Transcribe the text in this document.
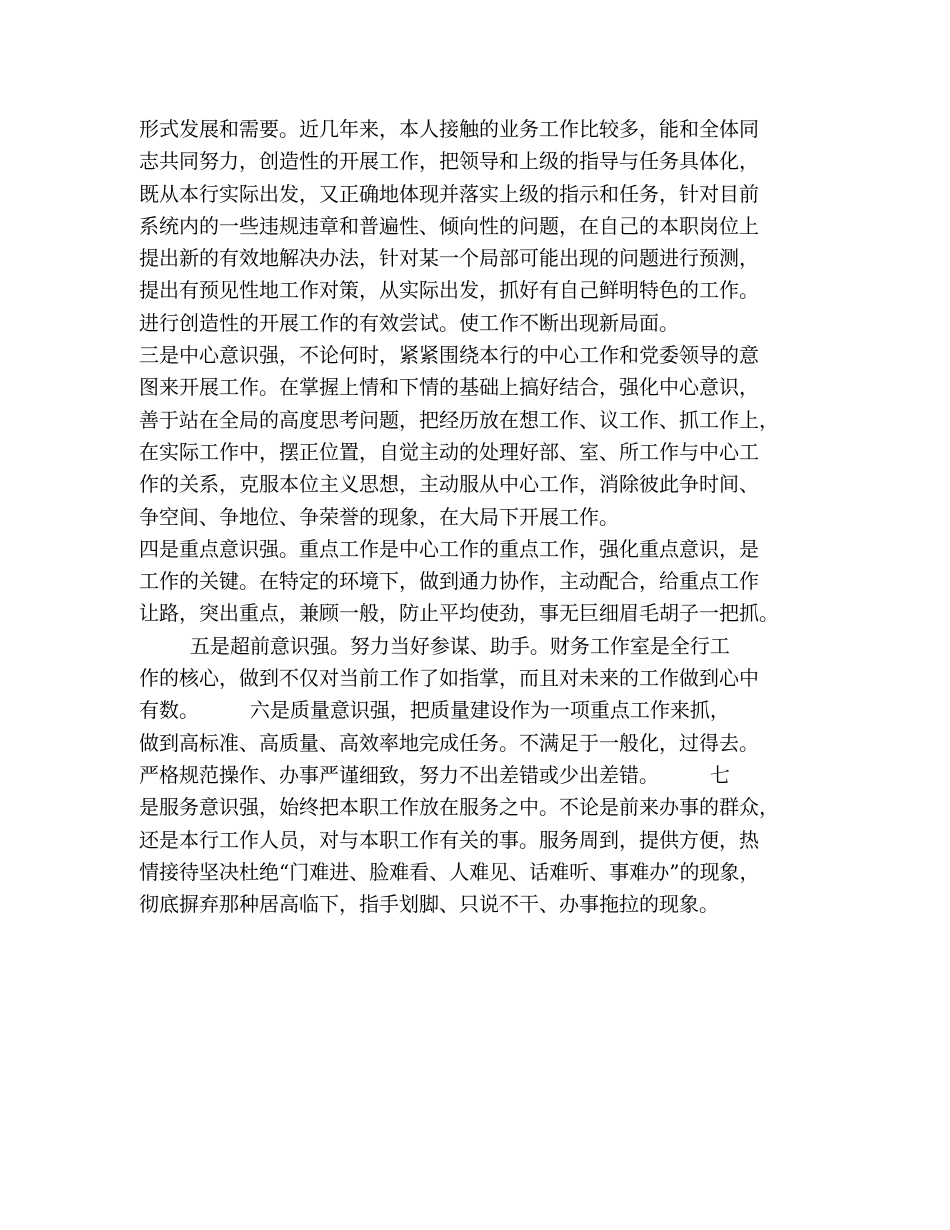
形式发展和需要。近几年来，本人接触的业务工作比较多，能和全体同
志共同努力，创造性的开展工作，把领导和上级的指导与任务具体化，
既从本行实际出发，又正确地体现并落实上级的指示和任务，针对目前
系统内的一些违规违章和普遍性、倾向性的问题，在自己的本职岗位上
提出新的有效地解决办法，针对某一个局部可能出现的问题进行预测，
提出有预见性地工作对策，从实际出发，抓好有自己鲜明特色的工作。
进行创造性的开展工作的有效尝试。使工作不断出现新局面。
三是中心意识强，不论何时，紧紧围绕本行的中心工作和党委领导的意
图来开展工作。在掌握上情和下情的基础上搞好结合，强化中心意识，
善于站在全局的高度思考问题，把经历放在想工作、议工作、抓工作上，
在实际工作中，摆正位置，自觉主动的处理好部、室、所工作与中心工
作的关系，克服本位主义思想，主动服从中心工作，消除彼此争时间、
争空间、争地位、争荣誉的现象，在大局下开展工作。
四是重点意识强。重点工作是中心工作的重点工作，强化重点意识，是
工作的关键。在特定的环境下，做到通力协作，主动配合，给重点工作
让路，突出重点，兼顾一般，防止平均使劲，事无巨细眉毛胡子一把抓。
五是超前意识强。努力当好参谋、助手。财务工作室是全行工
作的核心，做到不仅对当前工作了如指掌，而且对未来的工作做到心中
有数。        六是质量意识强，把质量建设作为一项重点工作来抓，
做到高标准、高质量、高效率地完成任务。不满足于一般化，过得去。
严格规范操作、办事严谨细致，努力不出差错或少出差错。        七
是服务意识强，始终把本职工作放在服务之中。不论是前来办事的群众，
还是本行工作人员，对与本职工作有关的事。服务周到，提供方便，热
情接待坚决杜绝“门难进、脸难看、人难见、话难听、事难办”的现象，
彻底摒弃那种居高临下，指手划脚、只说不干、办事拖拉的现象。
